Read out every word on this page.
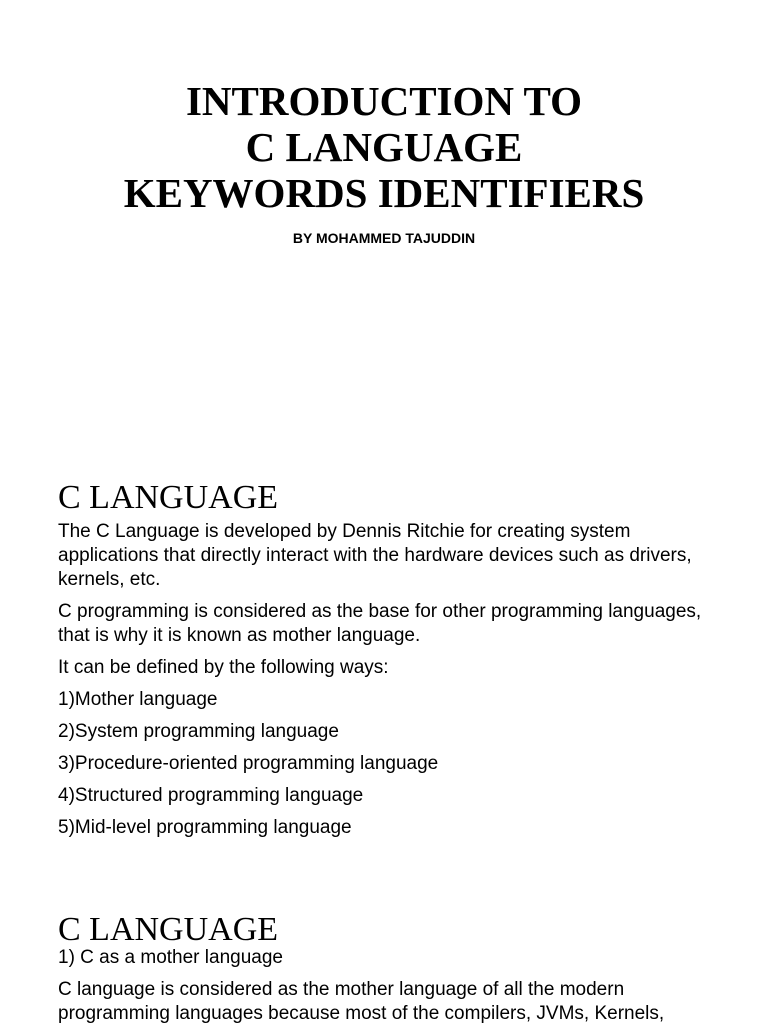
INTRODUCTION TO
C LANGUAGE
KEYWORDS IDENTIFIERS
BY MOHAMMED TAJUDDIN
C LANGUAGE

The C Language is developed by Dennis Ritchie for creating system applications that directly interact with the hardware devices such as drivers, kernels, etc.

C programming is considered as the base for other programming languages, that is why it is known as mother language.

It can be defined by the following ways:

1)Mother language

2)System programming language

3)Procedure-oriented programming language

4)Structured programming language

5)Mid-level programming language

C LANGUAGE

1) C as a mother language

C language is considered as the mother language of all the modern programming languages because most of the compilers, JVMs, Kernels,
